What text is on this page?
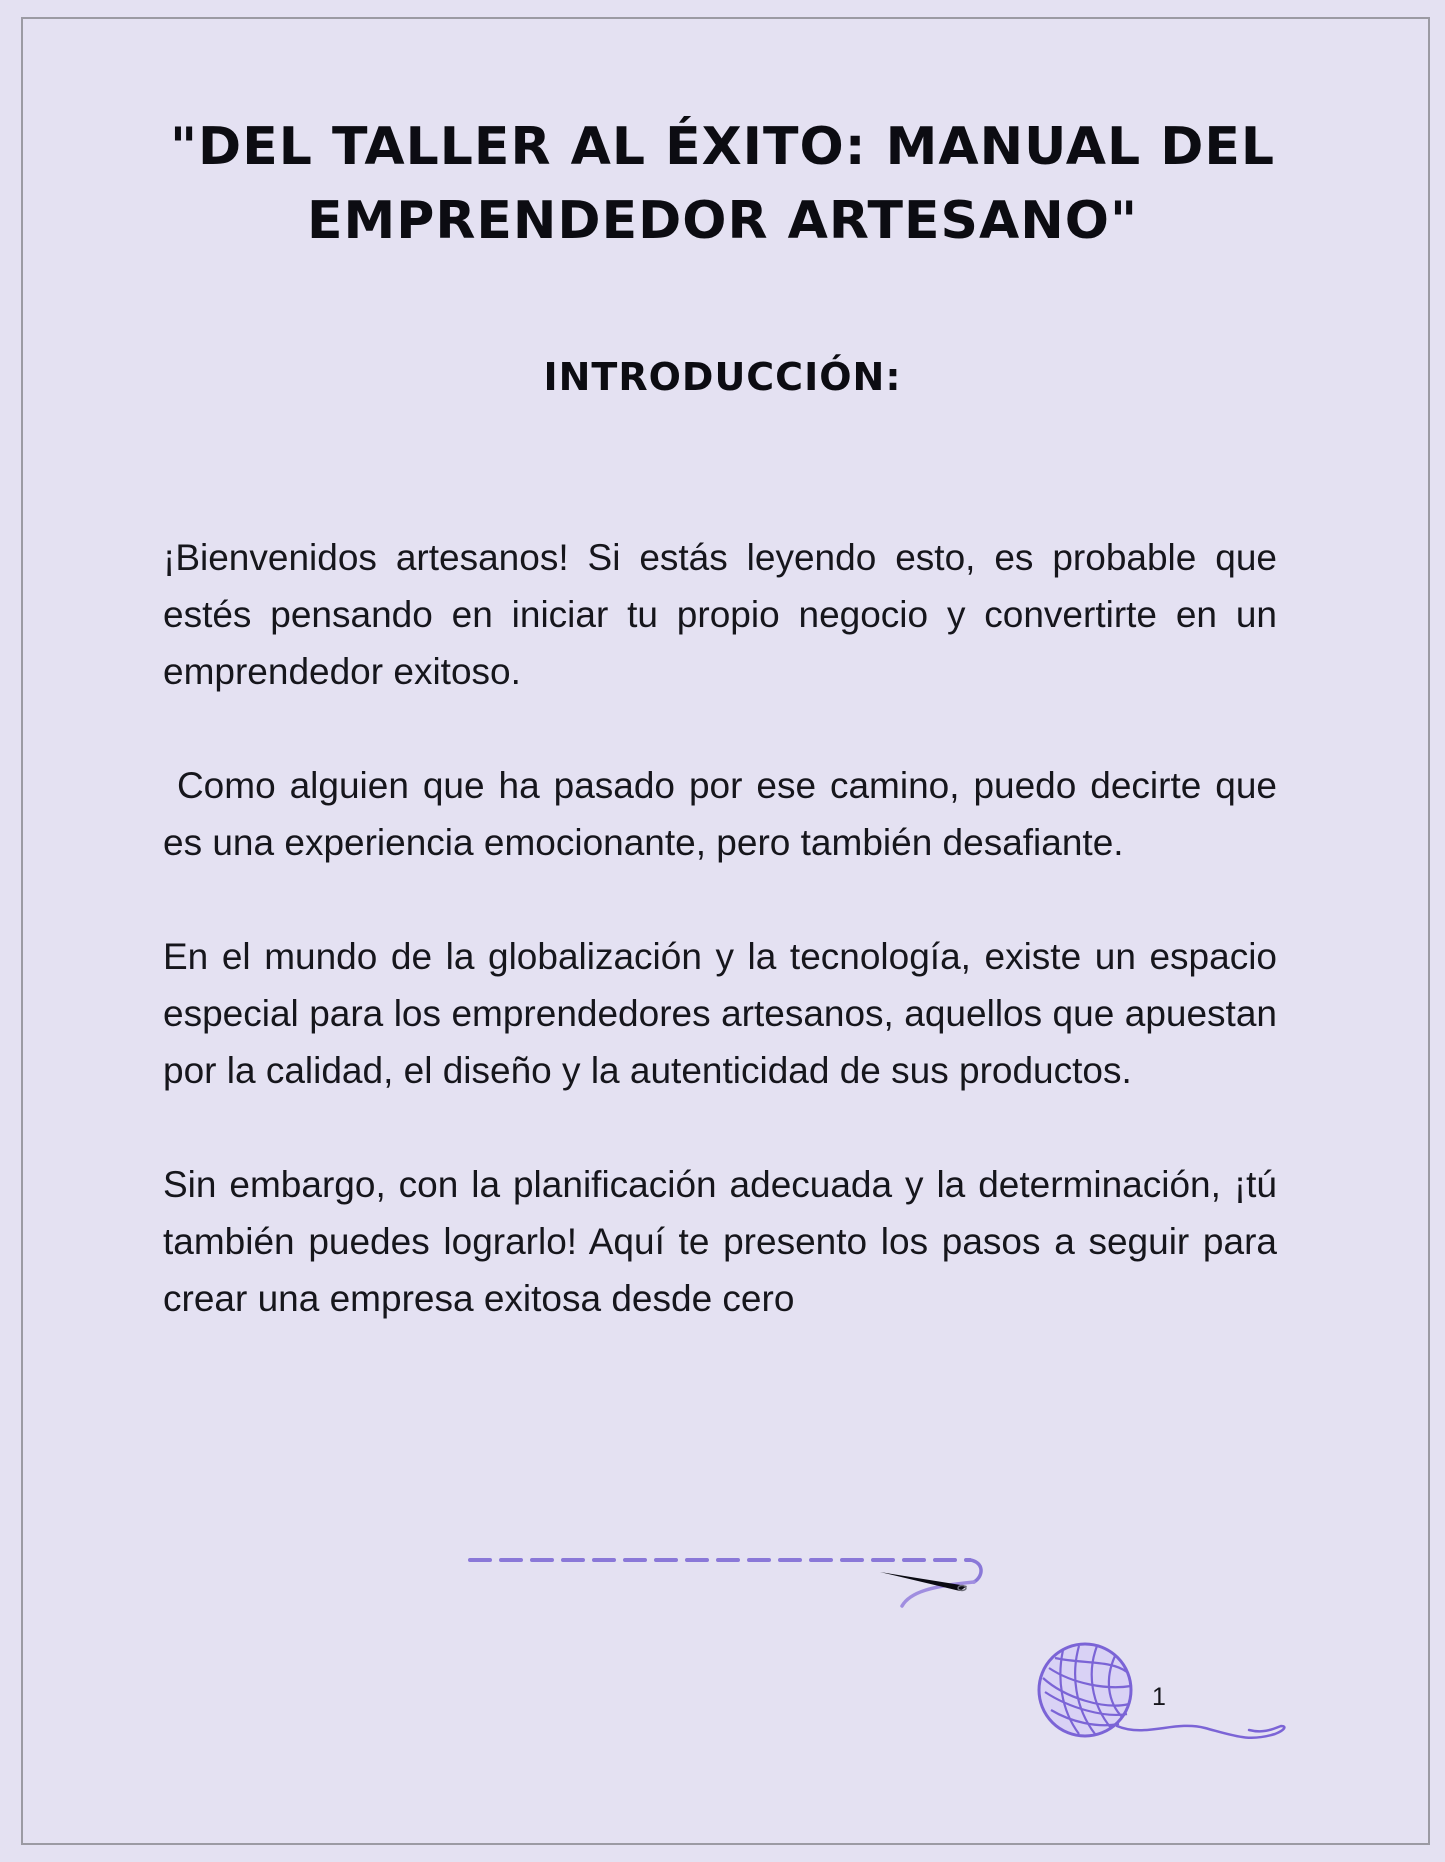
"DEL TALLER AL ÉXITO: MANUAL DEL EMPRENDEDOR ARTESANO"
INTRODUCCIÓN:

¡Bienvenidos artesanos! Si estás leyendo esto, es probable que estés pensando en iniciar tu propio negocio y convertirte en un emprendedor exitoso.

Como alguien que ha pasado por ese camino, puedo decirte que es una experiencia emocionante, pero también desafiante.

En el mundo de la globalización y la tecnología, existe un espacio especial para los emprendedores artesanos, aquellos que apuestan por la calidad, el diseño y la autenticidad de sus productos.

Sin embargo, con la planificación adecuada y la determinación, ¡tú también puedes lograrlo! Aquí te presento los pasos a seguir para crear una empresa exitosa desde cero

1
